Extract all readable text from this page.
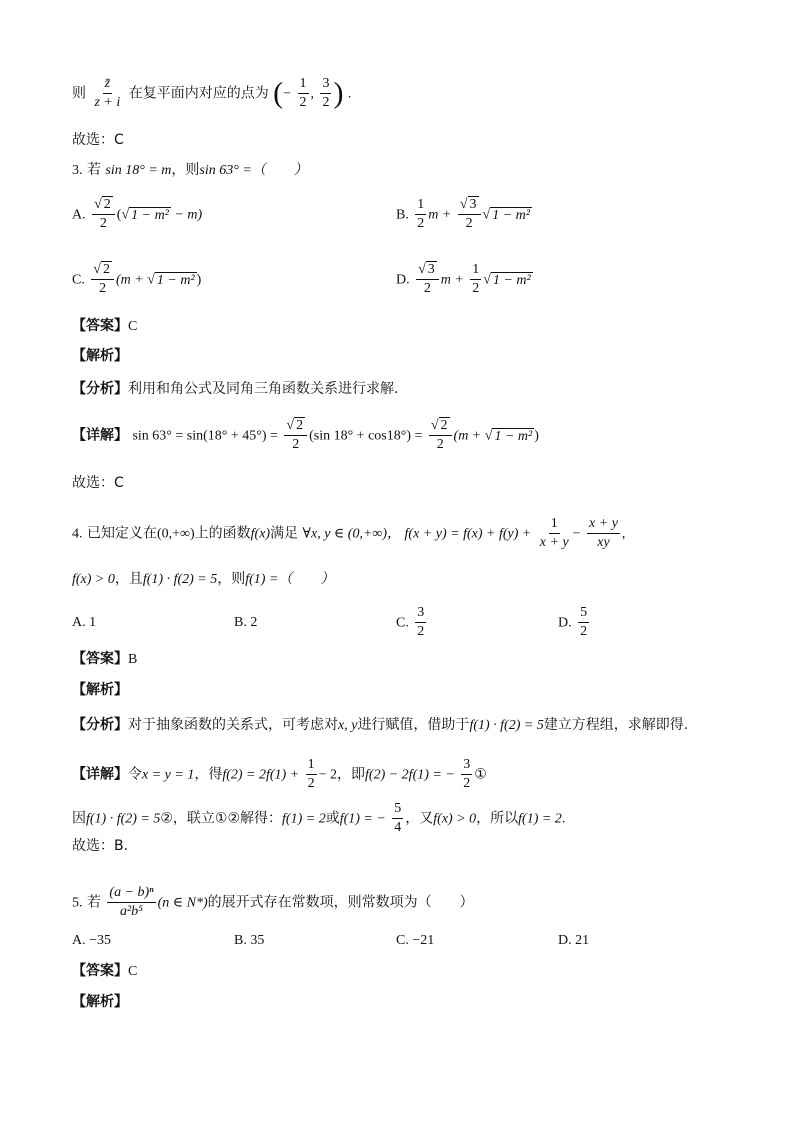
则 $\frac{z̄}{z + i}$ 在复平面内对应的点为 (− $\frac{1}{2}$ , $\frac{3}{2}$ ) .
故选：C
3. 若 sin 18° = m，则sin 63° =（　　）
A. $\frac{√ 2}{2}$ (√ 1 − m² − m)	B. $\frac{1}{2}$ $m + \frac{√ 3}{2}$ √ 1 − m²
C. $\frac{√ 2}{2} (m$ + √ 1 − m² )	D. $\frac{√ 3}{2}$ $m + \frac{1}{2}$ √ 1 − m²
【答案】C
【解析】
【分析】利用和角公式及同角三角函数关系进行求解.
【详解】 $\sin 63^\circ = \sin(18^\circ + 45^\circ) = \frac{√ 2}{2} (\sin$ $18^\circ + \cos 18^\circ) = \frac{√ 2}{2} (m$ + √ 1 − m² )
故选：C
4. 已知定义在(0,+∞)上的函数f(x)满足 ∀x, y ∈ (0,+∞)， $f(x + y) = f(x) + f(y) + \frac{1}{x + y} - \frac{x + y}{xy}$ ,
f(x) > 0，且f(1) · f(2) = 5，则f(1) =（　　）
A. 1	B. 2	C. $\frac{3}{2}$	D. $\frac{5}{2}$
【答案】B
【解析】
【分析】对于抽象函数的关系式，可考虑对x, y进行赋值，借助于f(1) · f(2) = 5建立方程组，求解即得.
【详解】令x = y = 1，得$f(2) = 2f(1) + \frac{1}{2} - 2$，即f(2) − 2f(1) = − $\frac{3}{2}$ ①
因f(1) · f(2) = 5②，联立①②解得：f(1) = 2或f(1) = − $\frac{5}{4}$ ，又f(x) > 0，所以f(1) = 2.
故选：B.
5. 若 $\frac{\text{(a − b)ⁿ}}{\text{a²b⁵}} (n$ ∈ N*)的展开式存在常数项，则常数项为（　　）
A. −35	B. 35	C. −21	D. 21
【答案】C
【解析】
